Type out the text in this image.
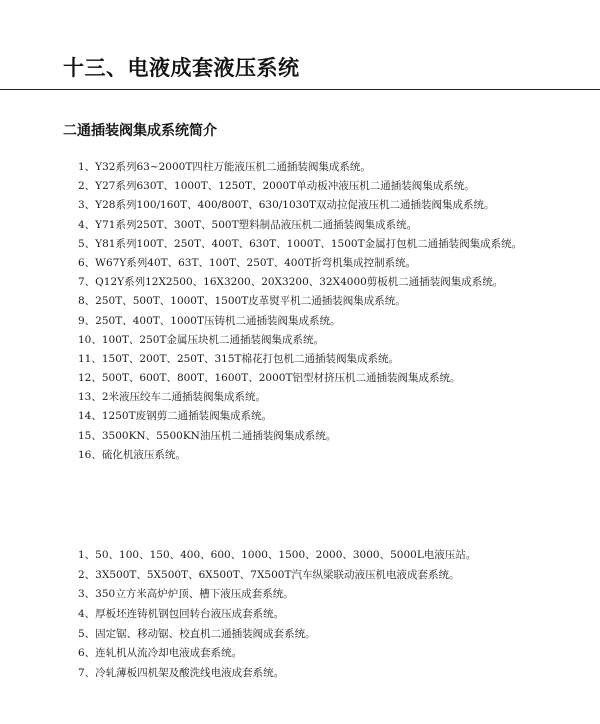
十三、电液成套液压系统
二通插装阀集成系统简介
1、Y32系列63~2000T四柱万能液压机二通插装阀集成系统。
2、Y27系列630T、1000T、1250T、2000T单动板冲液压机二通插装阀集成系统。
3、Y28系列100/160T、400/800T、630/1030T双动拉促液压机二通插装阀集成系统。
4、Y71系列250T、300T、500T塑料制品液压机二通插装阀集成系统。
5、Y81系列100T、250T、400T、630T、1000T、1500T金属打包机二通插装阀集成系统。
6、W67Y系列40T、63T、100T、250T、400T折弯机集成控制系统。
7、Q12Y系列12X2500、16X3200、20X3200、32X4000剪板机二通插装阀集成系统。
8、250T、500T、1000T、1500T皮革熨平机二通插装阀集成系统。
9、250T、400T、1000T压铸机二通插装阀集成系统。
10、100T、250T金属压块机二通插装阀集成系统。
11、150T、200T、250T、315T棉花打包机二通插装阀集成系统。
12、500T、600T、800T、1600T、2000T铝型材挤压机二通插装阀集成系统。
13、2米液压绞车二通插装阀集成系统。
14、1250T废钢剪二通插装阀集成系统。
15、3500KN、5500KN油压机二通插装阀集成系统。
16、硫化机液压系统。
1、50、100、150、400、600、1000、1500、2000、3000、5000L电液压站。
2、3X500T、5X500T、6X500T、7X500T汽车纵梁联动液压机电液成套系统。
3、350立方米高炉炉顶、槽下液压成套系统。
4、厚板坯连铸机钢包回转台液压成套系统。
5、固定锯、移动锯、校直机二通插装阀成套系统。
6、连轧机从流冷却电液成套系统。
7、冷轧薄板四机架及酸洗线电液成套系统。
